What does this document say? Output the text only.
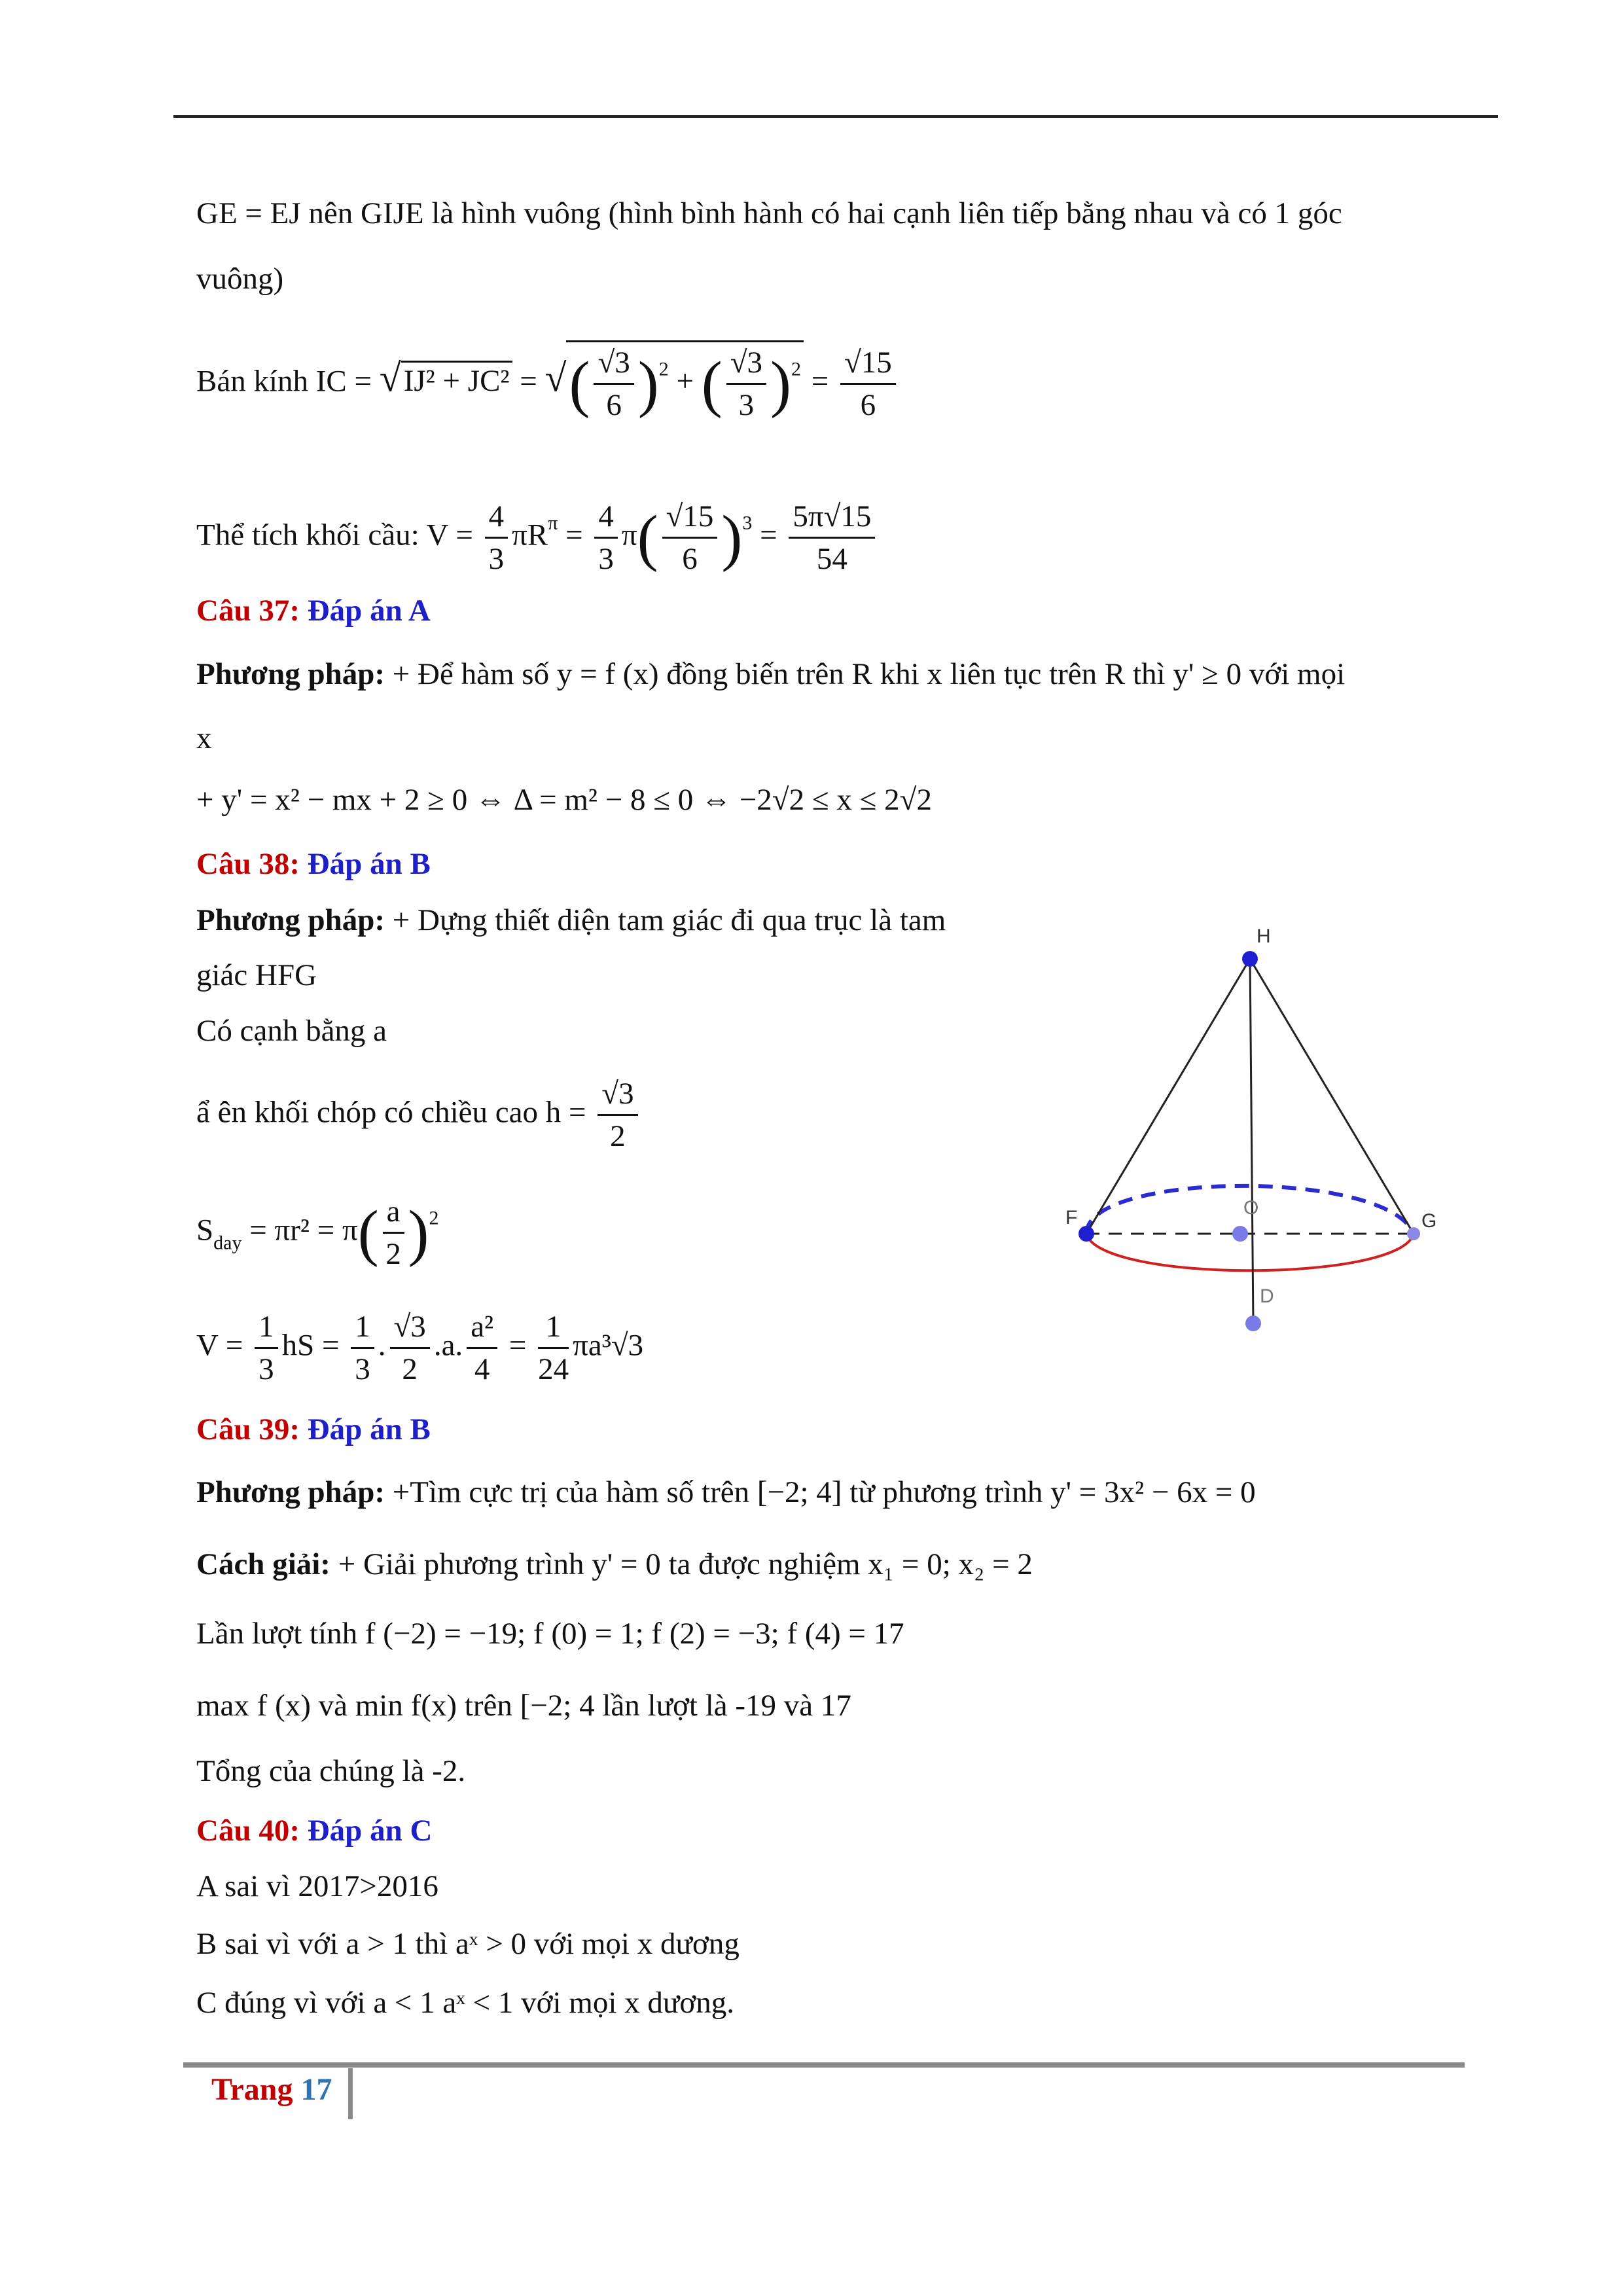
GE = EJ nên GIJE là hình vuông (hình bình hành có hai cạnh liên tiếp bằng nhau và có 1 góc
vuông)
Bán kính IC = √IJ² + JC² = √( $\frac{√3}{6} )^2$ + ( $\frac{√3}{3} )^2 = \frac{√15}{6}$
Thể tích khối cầu: $V = \frac{4}{3} \pi R^\pi = \frac{4}{3} \pi( \frac{√15}{6} )^3 = \frac{5\pi√15}{54}$
Câu 37: Đáp án A
Phương pháp: + Để hàm số y = f (x) đồng biến trên R khi x liên tục trên R thì y' ≥ 0 với mọi
x
+ y' = x² − mx + 2 ≥ 0 ⇔ Δ = m² − 8 ≤ 0 ⇔ −2√2 ≤ x ≤ 2√2
Câu 38: Đáp án B
Phương pháp: + Dựng thiết diện tam giác đi qua trục là tam
giác HFG
Có cạnh bằng a
ẩ ên khối chóp có chiều cao $h = \frac{√3}{2}$
$S_{day} = \pi r^2 = \pi( \frac{a}{2} )^2$
$V = \frac{1}{3}$ hS = $\frac{1}{3}$ . $\frac{√3}{2} .a$. $\frac{\text{a²}}{4} = \frac{1}{24} \pi a^3√3$
H
F	G
O
D
Câu 39: Đáp án B
Phương pháp: +Tìm cực trị của hàm số trên [−2; 4] từ phương trình y' = 3x² − 6x = 0
Cách giải: + Giải phương trình y' = 0 ta được nghiệm x₁ = 0; x₂ = 2
Lần lượt tính f (−2) = −19; f (0) = 1; f (2) = −3; f (4) = 17
max f (x) và min f(x) trên [−2; 4 lần lượt là -19 và 17
Tổng của chúng là -2.
Câu 40: Đáp án C
A sai vì 2017>2016
B sai vì với a > 1 thì aˣ > 0 với mọi x dương
C đúng vì với a < 1 aˣ < 1 với mọi x dương.
Trang 17
